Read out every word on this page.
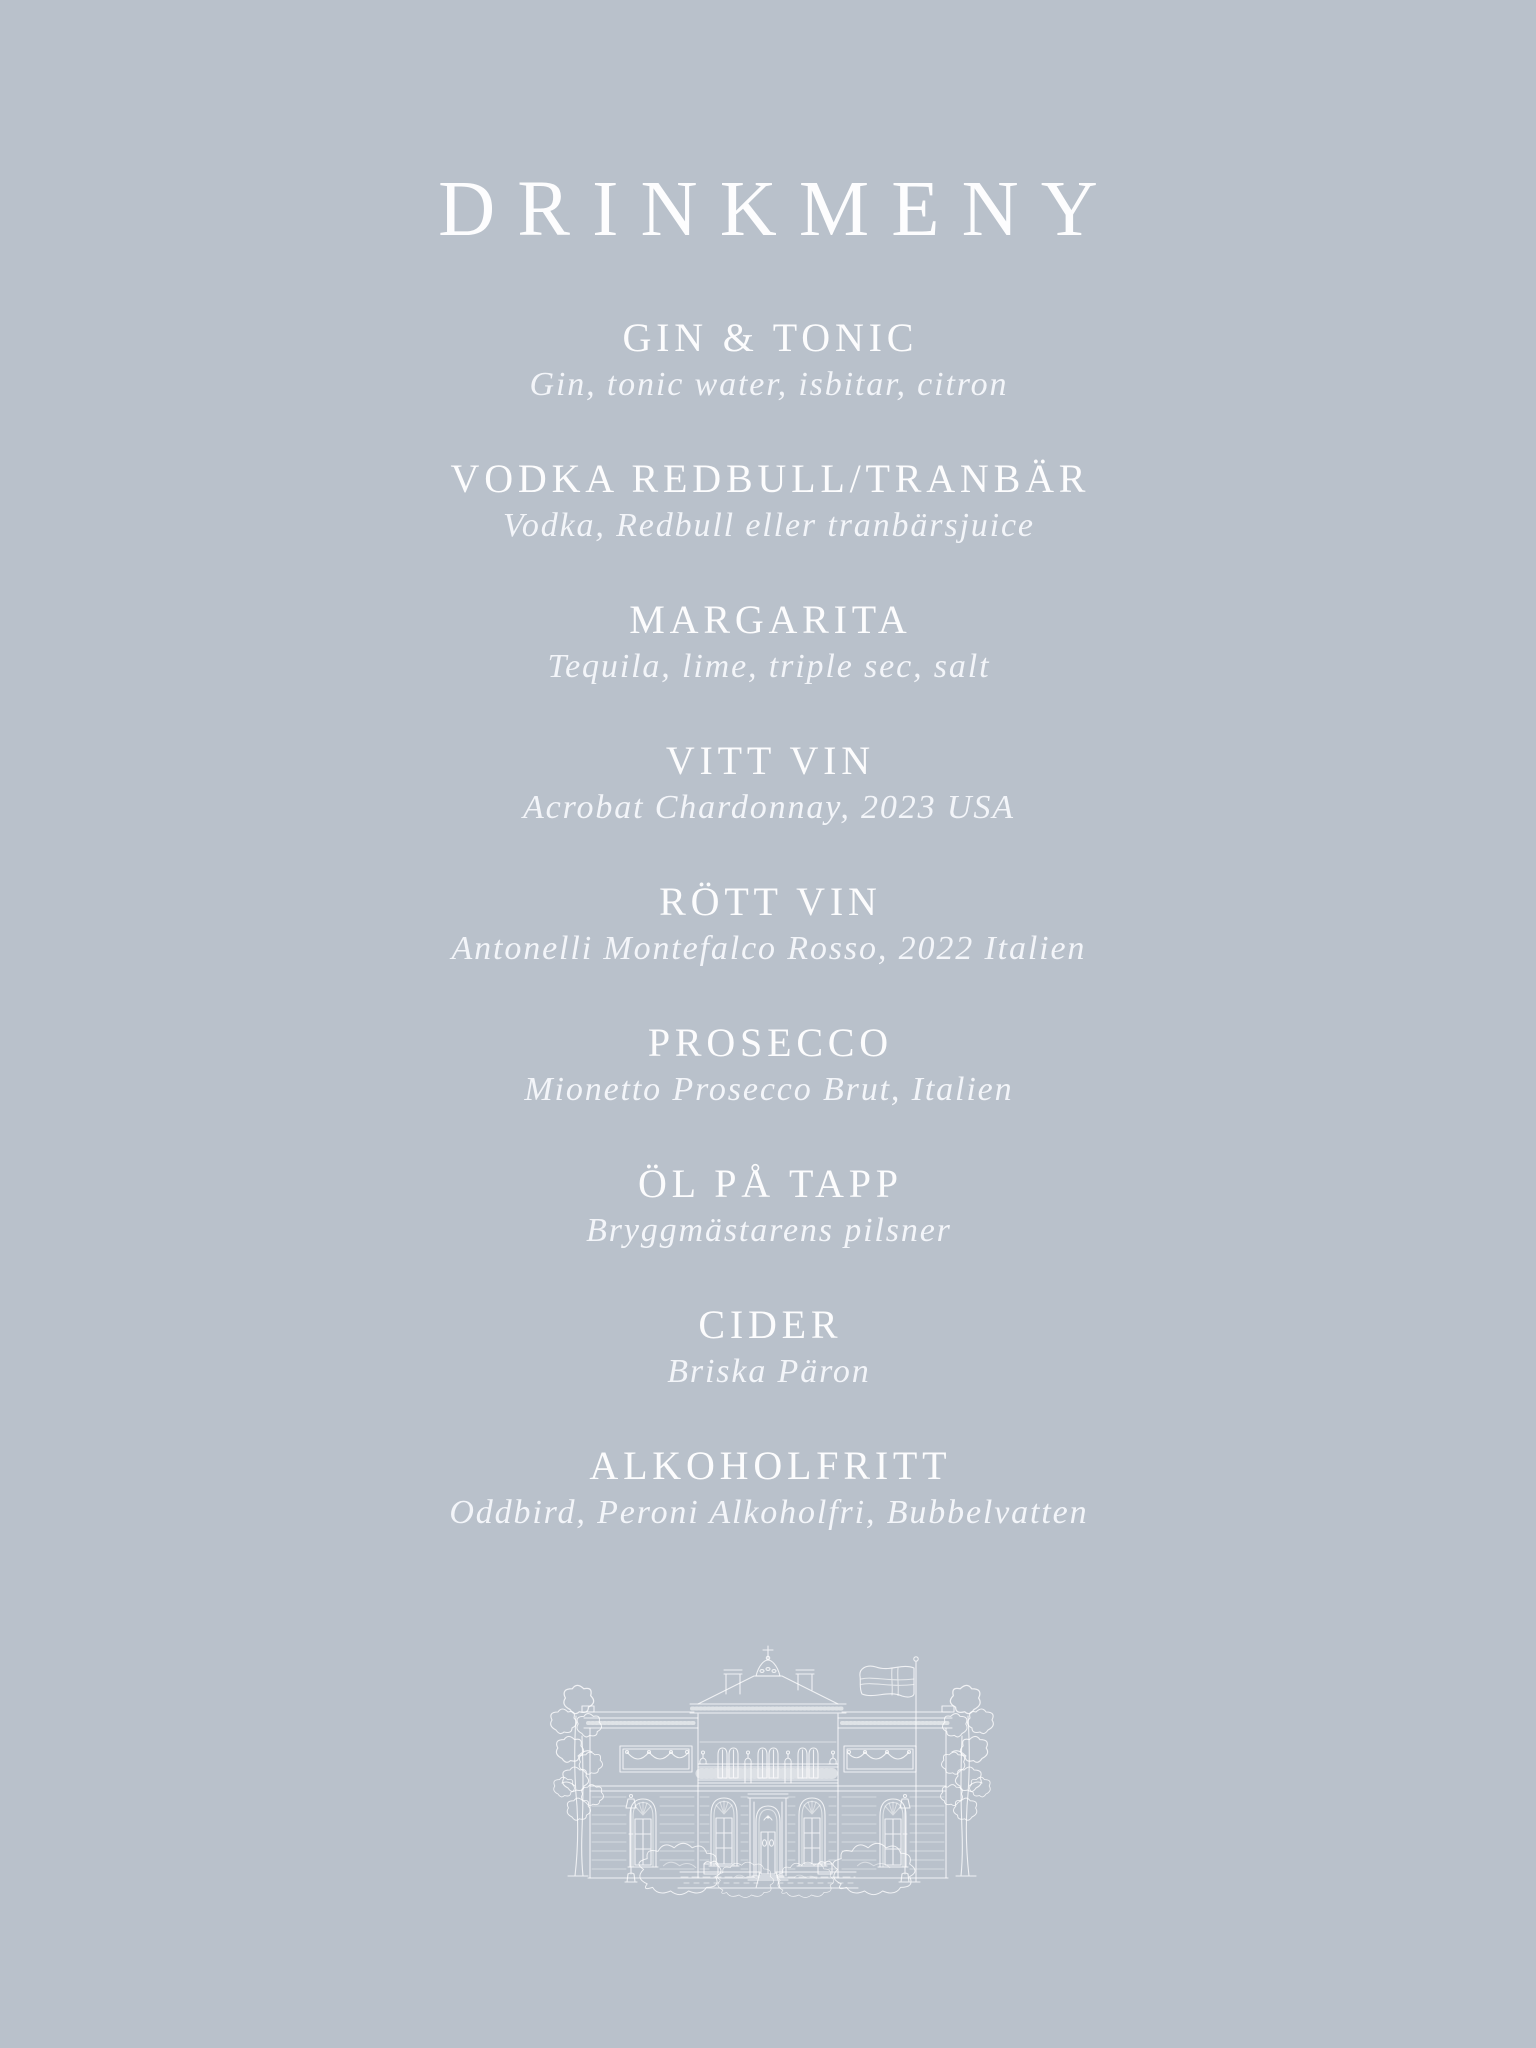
DRINKMENY
GIN & TONIC
Gin, tonic water, isbitar, citron
VODKA REDBULL/TRANBÄR
Vodka, Redbull eller tranbärsjuice
MARGARITA
Tequila, lime, triple sec, salt
VITT VIN
Acrobat Chardonnay, 2023 USA
RÖTT VIN
Antonelli Montefalco Rosso, 2022 Italien
PROSECCO
Mionetto Prosecco Brut, Italien
ÖL PÅ TAPP
Bryggmästarens pilsner
CIDER
Briska Päron
ALKOHOLFRITT
Oddbird, Peroni Alkoholfri, Bubbelvatten
